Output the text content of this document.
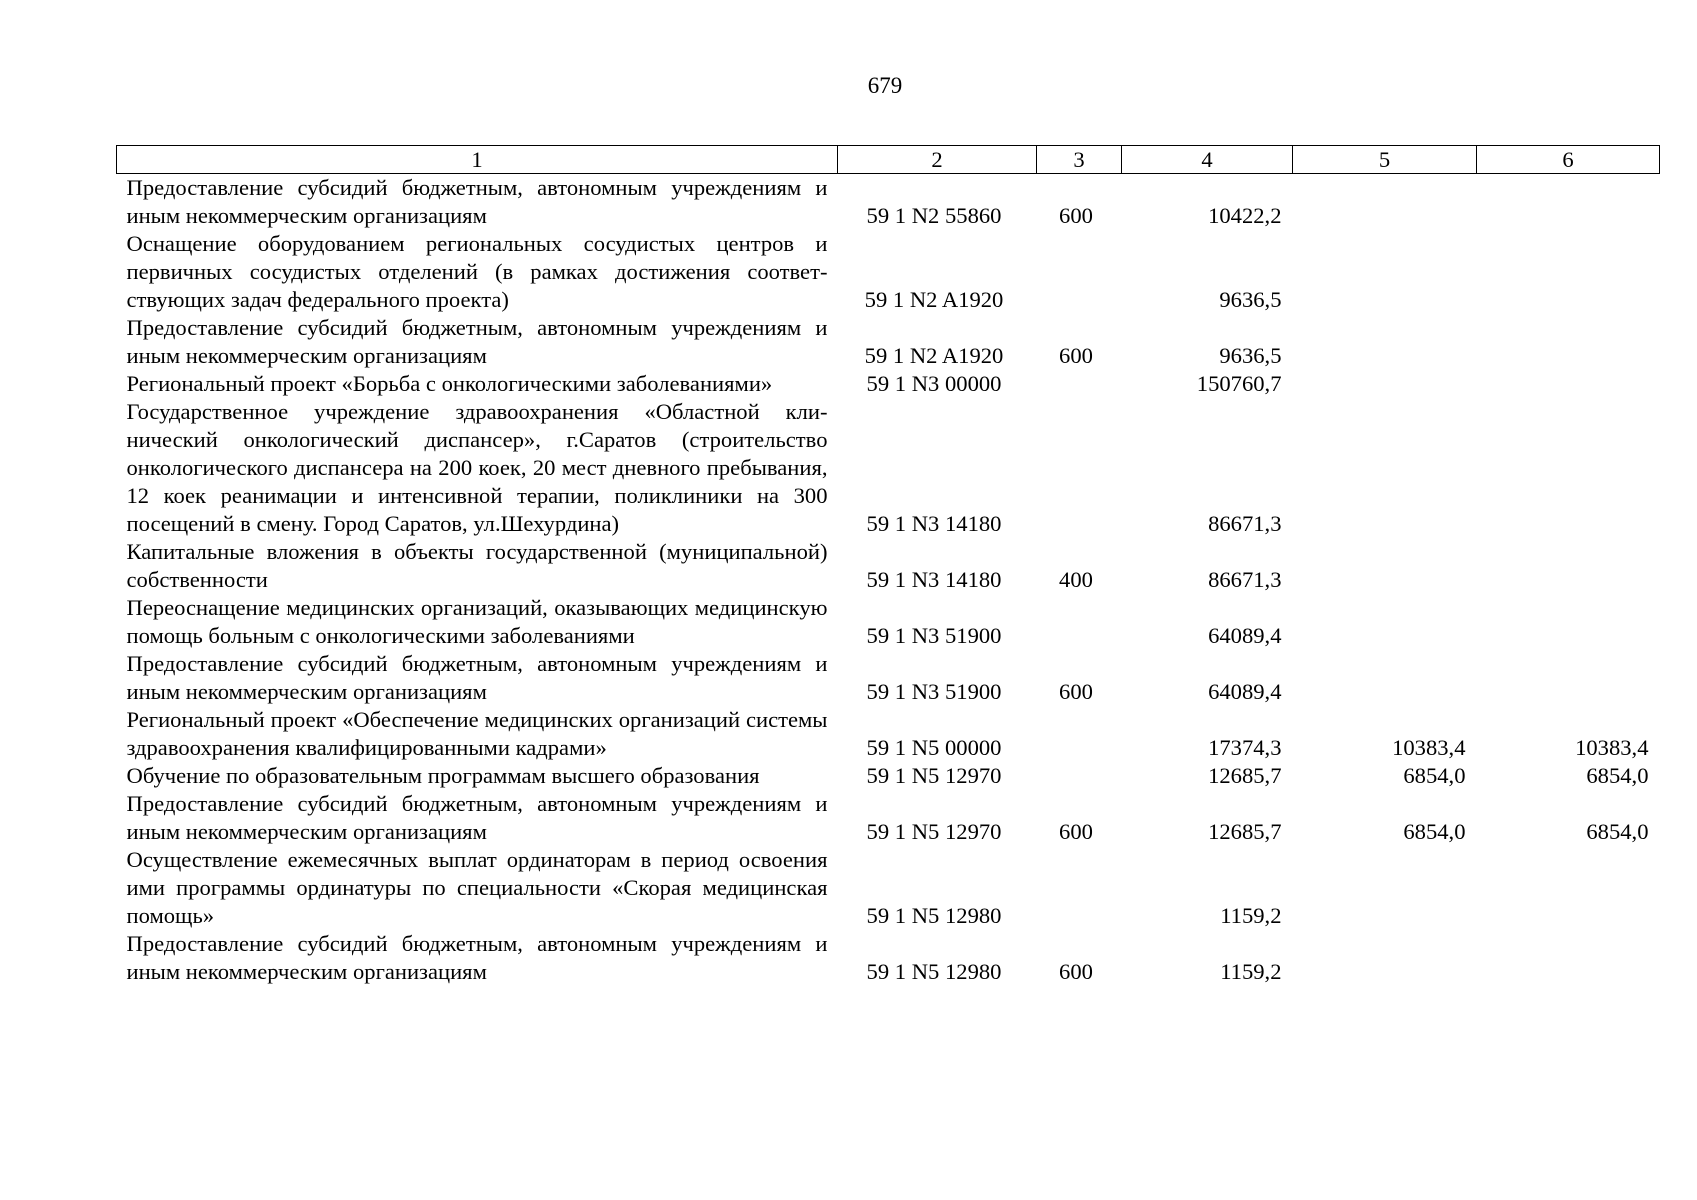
679
1	2	3	4	5	6
Предоставление субсидий бюджетным, автономным учреждениям и иным некоммерческим организациям	59 1 N2 55860	600	10422,2		
Оснащение оборудованием региональных сосудистых центров и первичных сосудистых отделений (в рамках достижения соответствующих задач федерального проекта)	59 1 N2 A1920		9636,5		
Предоставление субсидий бюджетным, автономным учреждениям и иным некоммерческим организациям	59 1 N2 A1920	600	9636,5		
Региональный проект «Борьба с онкологическими заболеваниями»	59 1 N3 00000		150760,7		
Государственное учреждение здравоохранения «Областной клинический онкологический диспансер», г.Саратов (строительство онкологического диспансера на 200 коек, 20 мест дневного пребывания, 12 коек реанимации и интенсивной терапии, поликлиники на 300 посещений в смену. Город Саратов, ул.Шехурдина)	59 1 N3 14180		86671,3		
Капитальные вложения в объекты государственной (муниципальной) собственности	59 1 N3 14180	400	86671,3		
Переоснащение медицинских организаций, оказывающих медицинскую помощь больным с онкологическими заболеваниями	59 1 N3 51900		64089,4		
Предоставление субсидий бюджетным, автономным учреждениям и иным некоммерческим организациям	59 1 N3 51900	600	64089,4		
Региональный проект «Обеспечение медицинских организаций системы здравоохранения квалифицированными кадрами»	59 1 N5 00000		17374,3	10383,4	10383,4
Обучение по образовательным программам высшего образования	59 1 N5 12970		12685,7	6854,0	6854,0
Предоставление субсидий бюджетным, автономным учреждениям и иным некоммерческим организациям	59 1 N5 12970	600	12685,7	6854,0	6854,0
Осуществление ежемесячных выплат ординаторам в период освоения ими программы ординатуры по специальности «Скорая медицинская помощь»	59 1 N5 12980		1159,2		
Предоставление субсидий бюджетным, автономным учреждениям и иным некоммерческим организациям	59 1 N5 12980	600	1159,2		
